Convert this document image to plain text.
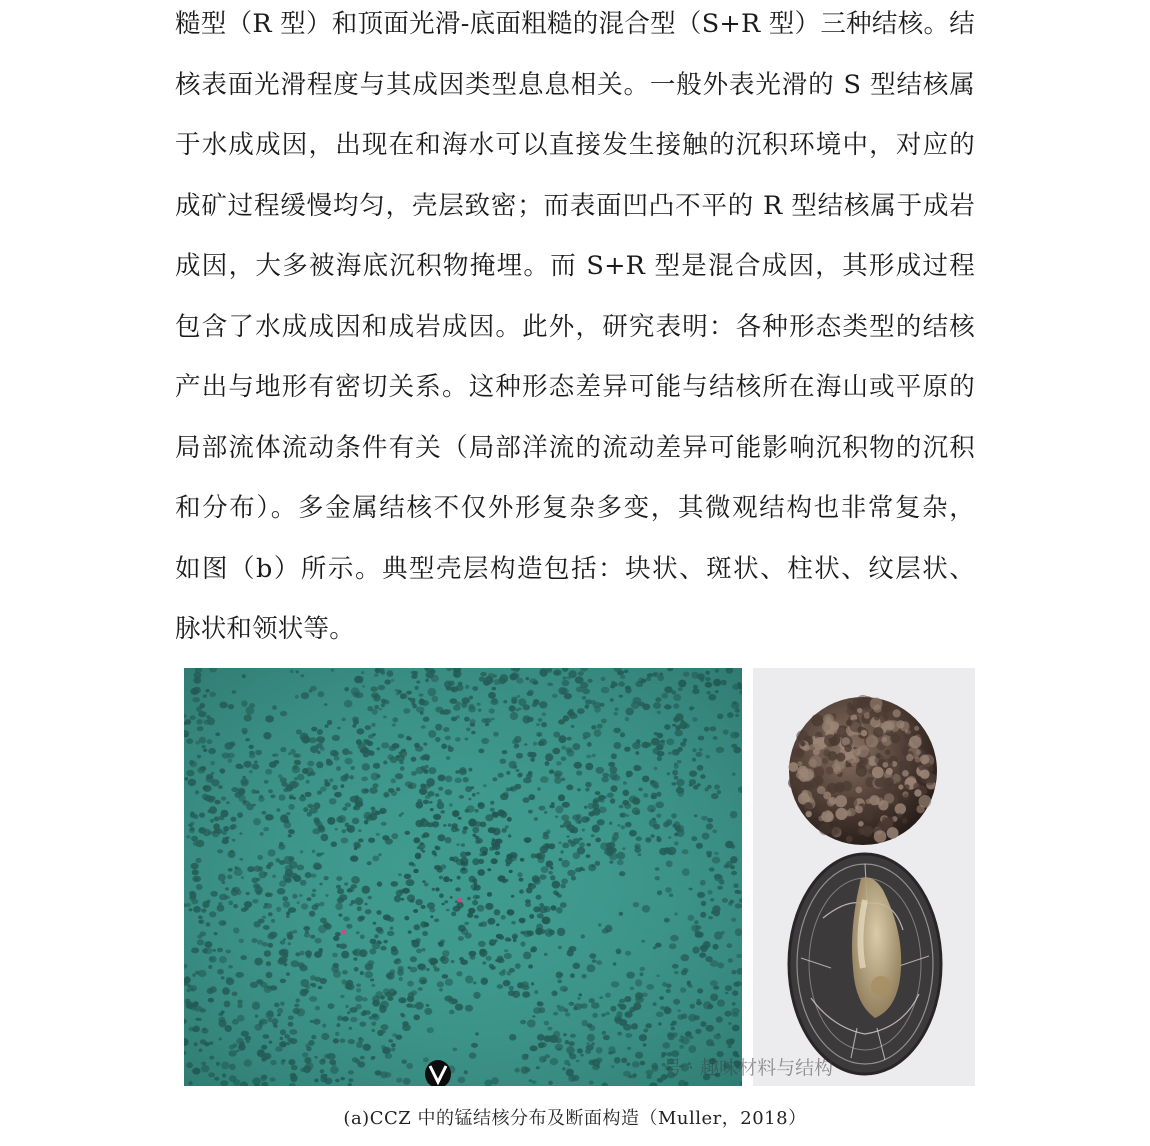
糙型（R 型）和顶面光滑-底面粗糙的混合型（S+R 型）三种结核。结
核表面光滑程度与其成因类型息息相关。一般外表光滑的 S 型结核属
于水成成因，出现在和海水可以直接发生接触的沉积环境中，对应的
成矿过程缓慢均匀，壳层致密；而表面凹凸不平的 R 型结核属于成岩
成因，大多被海底沉积物掩埋。而 S+R 型是混合成因，其形成过程
包含了水成成因和成岩成因。此外，研究表明：各种形态类型的结核
产出与地形有密切关系。这种形态差异可能与结核所在海山或平原的
局部流体流动条件有关（局部洋流的流动差异可能影响沉积物的沉积
和分布）。多金属结核不仅外形复杂多变，其微观结构也非常复杂，
如图（b）所示。典型壳层构造包括：块状、斑状、柱状、纹层状、
脉状和领状等。
号 · 趣味材料与结构
(a)CCZ 中的锰结核分布及断面构造（Muller，2018）
